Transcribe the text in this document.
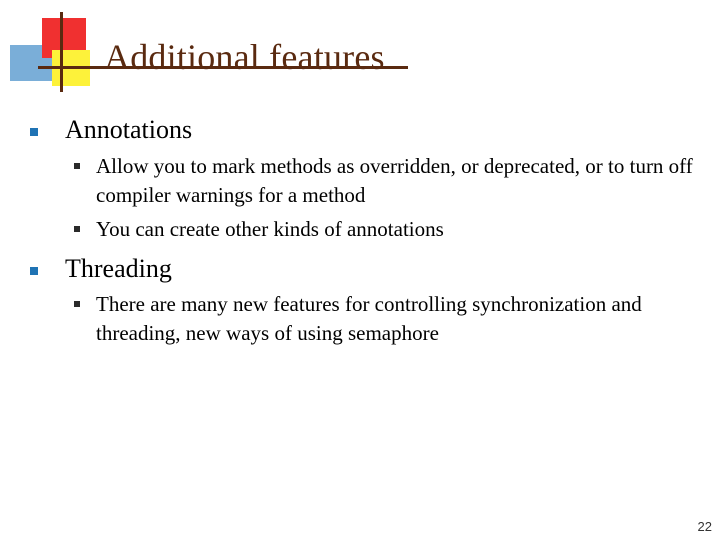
Additional features
Annotations
Allow you to mark methods as overridden, or deprecated, or to turn off compiler warnings for a method
You can create other kinds of annotations
Threading
There are many new features for controlling synchronization and threading, new ways of using semaphore
22
